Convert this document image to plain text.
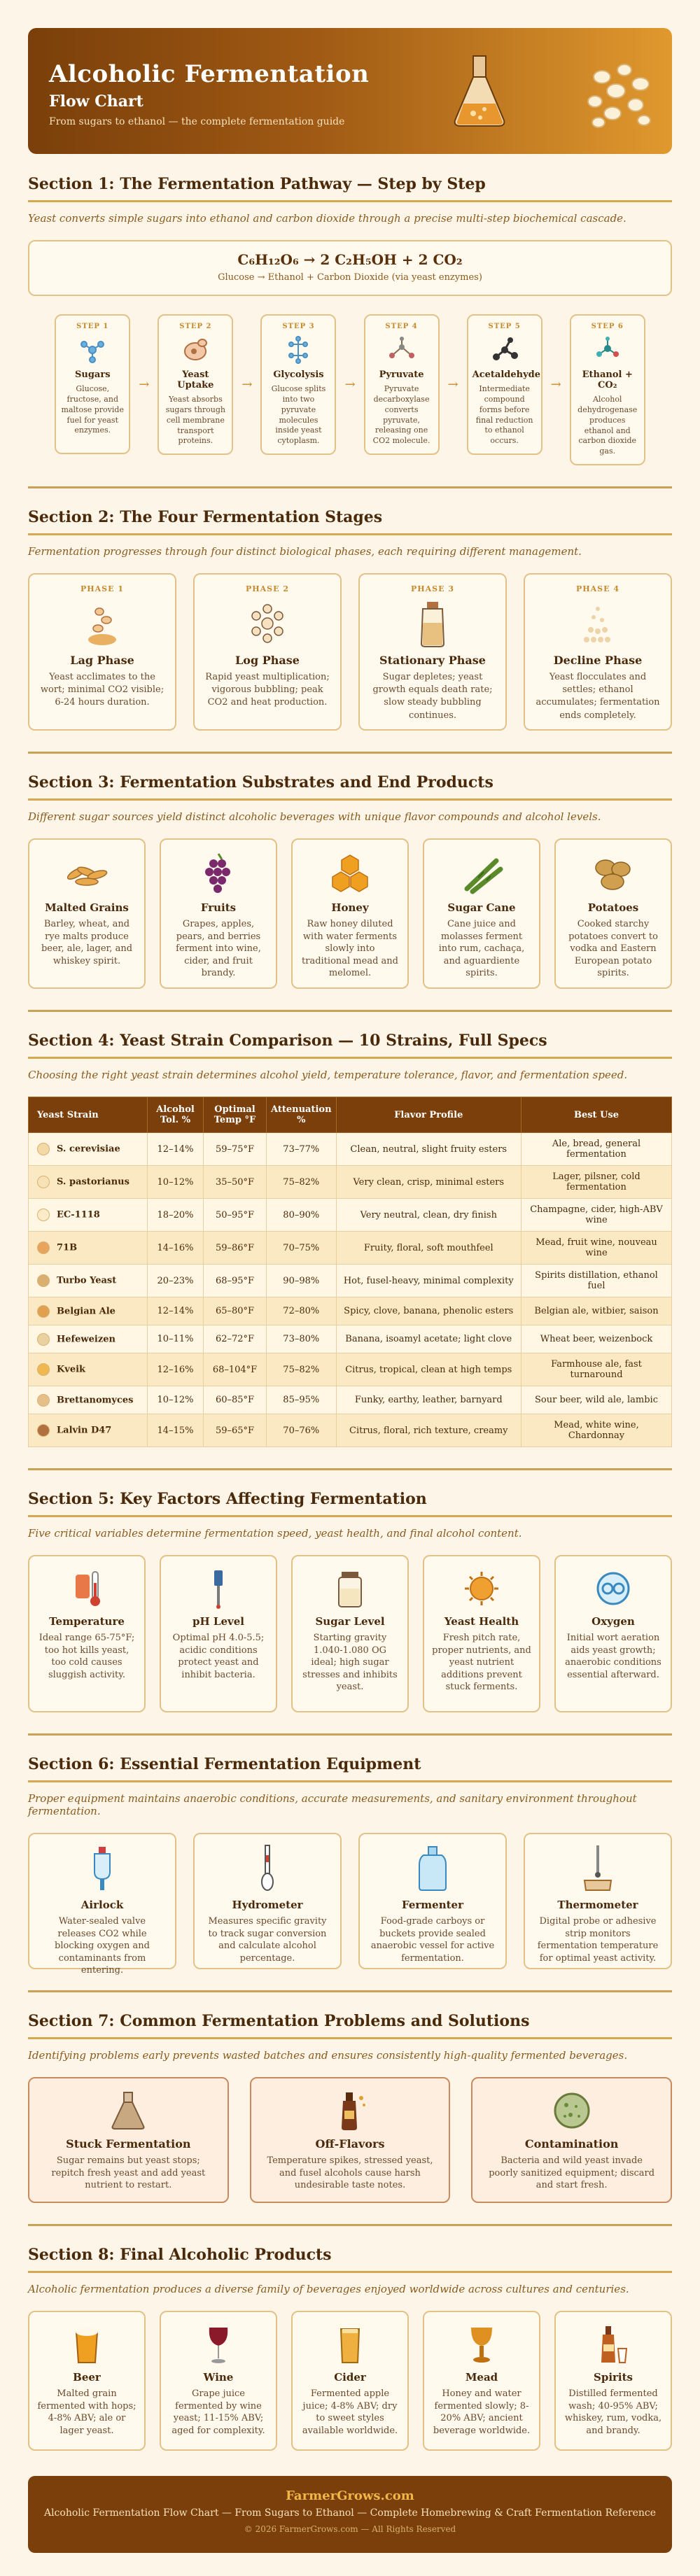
Alcoholic Fermentation
Flow Chart

From sugars to ethanol — the complete fermentation guide

Section 1: The Fermentation Pathway — Step by Step
Yeast converts simple sugars into ethanol and carbon dioxide through a precise multi-step biochemical cascade.
C₆H₁₂O₆ → 2 C₂H₅OH + 2 CO₂
Glucose → Ethanol + Carbon Dioxide (via yeast enzymes)
STEP 1
Sugars
Glucose, fructose, and maltose provide fuel for yeast enzymes.
→
STEP 2
Yeast Uptake
Yeast absorbs sugars through cell membrane transport proteins.
→
STEP 3
Glycolysis
Glucose splits into two pyruvate molecules inside yeast cytoplasm.
→
STEP 4
Pyruvate
Pyruvate decarboxylase converts pyruvate, releasing one CO2 molecule.
→
STEP 5
Acetaldehyde
Intermediate compound forms before final reduction to ethanol occurs.
→
STEP 6
Ethanol + CO₂
Alcohol dehydrogenase produces ethanol and carbon dioxide gas.
Section 2: The Four Fermentation Stages
Fermentation progresses through four distinct biological phases, each requiring different management.
PHASE 1
Lag Phase
Yeast acclimates to the wort; minimal CO2 visible; 6-24 hours duration.
PHASE 2
Log Phase
Rapid yeast multiplication; vigorous bubbling; peak CO2 and heat production.
PHASE 3
Stationary Phase
Sugar depletes; yeast growth equals death rate; slow steady bubbling continues.
PHASE 4
Decline Phase
Yeast flocculates and settles; ethanol accumulates; fermentation ends completely.
Section 3: Fermentation Substrates and End Products
Different sugar sources yield distinct alcoholic beverages with unique flavor compounds and alcohol levels.
Malted Grains
Barley, wheat, and rye malts produce beer, ale, lager, and whiskey spirit.
Fruits
Grapes, apples, pears, and berries ferment into wine, cider, and fruit brandy.
Honey
Raw honey diluted with water ferments slowly into traditional mead and melomel.
Sugar Cane
Cane juice and molasses ferment into rum, cachaça, and aguardiente spirits.
Potatoes
Cooked starchy potatoes convert to vodka and Eastern European potato spirits.
Section 4: Yeast Strain Comparison — 10 Strains, Full Specs
Choosing the right yeast strain determines alcohol yield, temperature tolerance, flavor, and fermentation speed.
Yeast Strain	Alcohol Tol. %	Optimal Temp °F	Attenuation %	Flavor Profile	Best Use
S. cerevisiae	12–14%	59–75°F	73–77%	Clean, neutral, slight fruity esters	Ale, bread, general fermentation
S. pastorianus	10–12%	35–50°F	75–82%	Very clean, crisp, minimal esters	Lager, pilsner, cold fermentation
EC-1118	18–20%	50–95°F	80–90%	Very neutral, clean, dry finish	Champagne, cider, high-ABV wine
71B	14–16%	59–86°F	70–75%	Fruity, floral, soft mouthfeel	Mead, fruit wine, nouveau wine
Turbo Yeast	20–23%	68–95°F	90–98%	Hot, fusel-heavy, minimal complexity	Spirits distillation, ethanol fuel
Belgian Ale	12–14%	65–80°F	72–80%	Spicy, clove, banana, phenolic esters	Belgian ale, witbier, saison
Hefeweizen	10–11%	62–72°F	73–80%	Banana, isoamyl acetate; light clove	Wheat beer, weizenbock
Kveik	12–16%	68–104°F	75–82%	Citrus, tropical, clean at high temps	Farmhouse ale, fast turnaround
Brettanomyces	10–12%	60–85°F	85–95%	Funky, earthy, leather, barnyard	Sour beer, wild ale, lambic
Lalvin D47	14–15%	59–65°F	70–76%	Citrus, floral, rich texture, creamy	Mead, white wine, Chardonnay
Section 5: Key Factors Affecting Fermentation
Five critical variables determine fermentation speed, yeast health, and final alcohol content.
Temperature
Ideal range 65-75°F; too hot kills yeast, too cold causes sluggish activity.
pH Level
Optimal pH 4.0-5.5; acidic conditions protect yeast and inhibit bacteria.
Sugar Level
Starting gravity 1.040-1.080 OG ideal; high sugar stresses and inhibits yeast.
Yeast Health
Fresh pitch rate, proper nutrients, and yeast nutrient additions prevent stuck ferments.
Oxygen
Initial wort aeration aids yeast growth; anaerobic conditions essential afterward.
Section 6: Essential Fermentation Equipment
Proper equipment maintains anaerobic conditions, accurate measurements, and sanitary environment throughout fermentation.
Airlock
Water-sealed valve releases CO2 while blocking oxygen and contaminants from entering.
Hydrometer
Measures specific gravity to track sugar conversion and calculate alcohol percentage.
Fermenter
Food-grade carboys or buckets provide sealed anaerobic vessel for active fermentation.
Thermometer
Digital probe or adhesive strip monitors fermentation temperature for optimal yeast activity.
Section 7: Common Fermentation Problems and Solutions
Identifying problems early prevents wasted batches and ensures consistently high-quality fermented beverages.
Stuck Fermentation
Sugar remains but yeast stops; repitch fresh yeast and add yeast nutrient to restart.
Off-Flavors
Temperature spikes, stressed yeast, and fusel alcohols cause harsh undesirable taste notes.
Contamination
Bacteria and wild yeast invade poorly sanitized equipment; discard and start fresh.
Section 8: Final Alcoholic Products
Alcoholic fermentation produces a diverse family of beverages enjoyed worldwide across cultures and centuries.
Beer
Malted grain fermented with hops; 4-8% ABV; ale or lager yeast.
Wine
Grape juice fermented by wine yeast; 11-15% ABV; aged for complexity.
Cider
Fermented apple juice; 4-8% ABV; dry to sweet styles available worldwide.
Mead
Honey and water fermented slowly; 8-20% ABV; ancient beverage worldwide.
Spirits
Distilled fermented wash; 40-95% ABV; whiskey, rum, vodka, and brandy.
FarmerGrows.com
Alcoholic Fermentation Flow Chart — From Sugars to Ethanol — Complete Homebrewing & Craft Fermentation Reference
© 2026 FarmerGrows.com — All Rights Reserved
